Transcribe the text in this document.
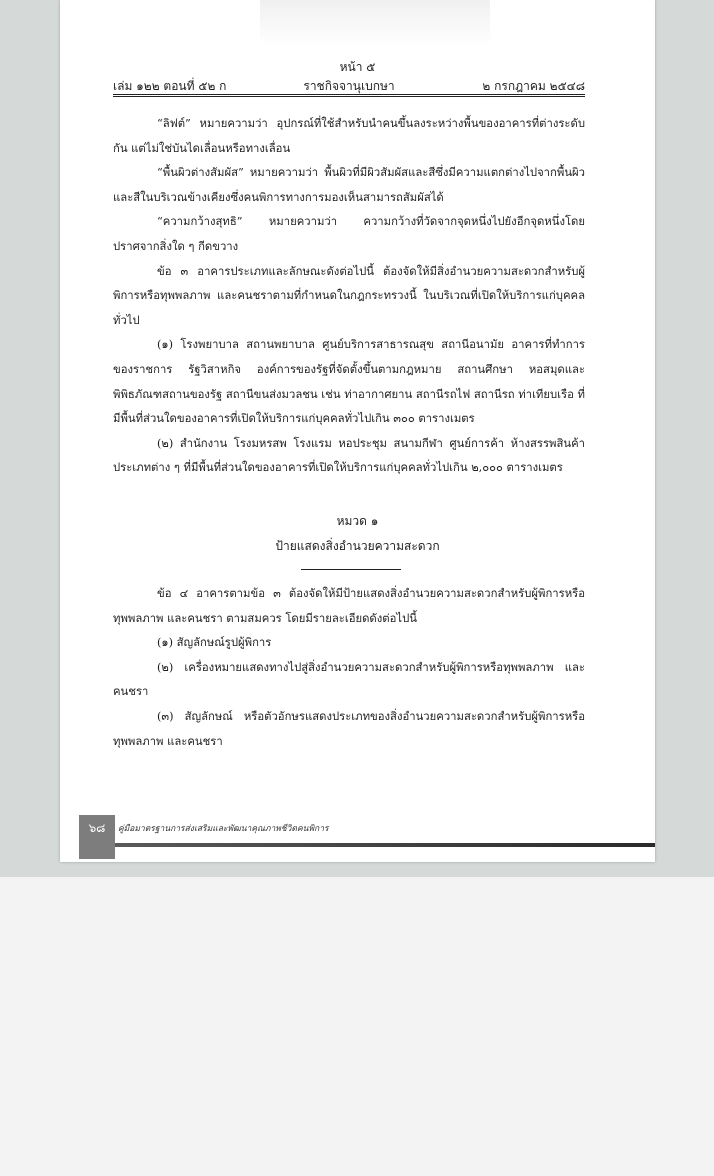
หน้า ๕
เล่ม ๑๒๒ ตอนที่ ๕๒ ก	ราชกิจจานุเบกษา	๒ กรกฎาคม ๒๕๔๘

“ลิฟต์” หมายความว่า อุปกรณ์ที่ใช้สำหรับนำคนขึ้นลงระหว่างพื้นของอาคารที่ต่างระดับกัน แต่ไม่ใช่บันไดเลื่อนหรือทางเลื่อน

“พื้นผิวต่างสัมผัส” หมายความว่า พื้นผิวที่มีผิวสัมผัสและสีซึ่งมีความแตกต่างไปจากพื้นผิวและสีในบริเวณข้างเคียงซึ่งคนพิการทางการมองเห็นสามารถสัมผัสได้

“ความกว้างสุทธิ” หมายความว่า ความกว้างที่วัดจากจุดหนึ่งไปยังอีกจุดหนึ่งโดยปราศจากสิ่งใด ๆ กีดขวาง

ข้อ ๓ อาคารประเภทและลักษณะดังต่อไปนี้ ต้องจัดให้มีสิ่งอำนวยความสะดวกสำหรับผู้พิการหรือทุพพลภาพ และคนชราตามที่กำหนดในกฎกระทรวงนี้ ในบริเวณที่เปิดให้บริการแก่บุคคลทั่วไป

(๑) โรงพยาบาล สถานพยาบาล ศูนย์บริการสาธารณสุข สถานีอนามัย อาคารที่ทำการของราชการ รัฐวิสาหกิจ องค์การของรัฐที่จัดตั้งขึ้นตามกฎหมาย สถานศึกษา หอสมุดและพิพิธภัณฑสถานของรัฐ สถานีขนส่งมวลชน เช่น ท่าอากาศยาน สถานีรถไฟ สถานีรถ ท่าเทียบเรือ ที่มีพื้นที่ส่วนใดของอาคารที่เปิดให้บริการแก่บุคคลทั่วไปเกิน ๓๐๐ ตารางเมตร

(๒) สำนักงาน โรงมหรสพ โรงแรม หอประชุม สนามกีฬา ศูนย์การค้า ห้างสรรพสินค้าประเภทต่าง ๆ ที่มีพื้นที่ส่วนใดของอาคารที่เปิดให้บริการแก่บุคคลทั่วไปเกิน ๒,๐๐๐ ตารางเมตร

หมวด ๑
ป้ายแสดงสิ่งอำนวยความสะดวก

ข้อ ๔ อาคารตามข้อ ๓ ต้องจัดให้มีป้ายแสดงสิ่งอำนวยความสะดวกสำหรับผู้พิการหรือทุพพลภาพ และคนชรา ตามสมควร โดยมีรายละเอียดดังต่อไปนี้

(๑) สัญลักษณ์รูปผู้พิการ

(๒) เครื่องหมายแสดงทางไปสู่สิ่งอำนวยความสะดวกสำหรับผู้พิการหรือทุพพลภาพ และคนชรา

(๓) สัญลักษณ์ หรือตัวอักษรแสดงประเภทของสิ่งอำนวยความสะดวกสำหรับผู้พิการหรือทุพพลภาพ และคนชรา

๖๘	คู่มือมาตรฐานการส่งเสริมและพัฒนาคุณภาพชีวิตคนพิการ
